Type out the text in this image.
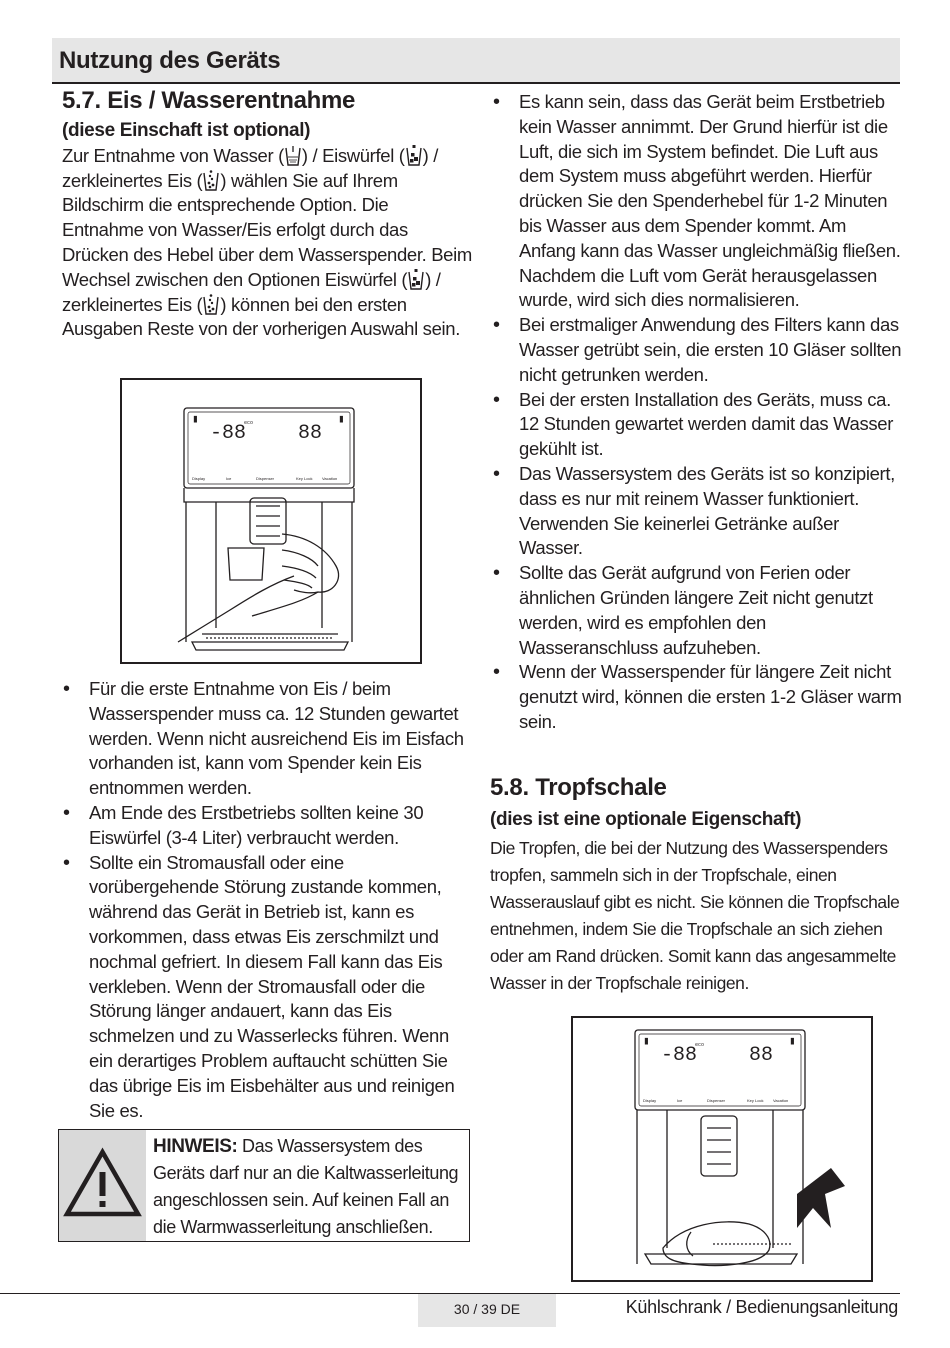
Nutzung des Geräts
5.7. Eis / Wasserentnahme
(diese Einschaft ist optional)

Zur Entnahme von Wasser ( ) / Eiswürfel ( ) / zerkleinertes Eis ( ) wählen Sie auf Ihrem Bildschirm die entsprechende Option. Die Entnahme von Wasser/Eis erfolgt durch das Drücken des Hebel über dem Wasserspender. Beim Wechsel zwischen den Optionen Eiswürfel ( ) / zerkleinertes Eis ( ) können bei den ersten Ausgaben Reste von der vorherigen Auswahl sein.

▮	▮
-88	88
eco
Display	Ice	Dispenser	Key Lock Vacation
• Für die erste Entnahme von Eis / beim Wasserspender muss ca. 12 Stunden gewartet werden. Wenn nicht ausreichend Eis im Eisfach vorhanden ist, kann vom Spender kein Eis entnommen werden.
• Am Ende des Erstbetriebs sollten keine 30 Eiswürfel (3-4 Liter) verbraucht werden.
• Sollte ein Stromausfall oder eine vorübergehende Störung zustande kommen, während das Gerät in Betrieb ist, kann es vorkommen, dass etwas Eis zerschmilzt und nochmal gefriert. In diesem Fall kann das Eis verkleben. Wenn der Stromausfall oder die Störung länger andauert, kann das Eis schmelzen und zu Wasserlecks führen. Wenn ein derartiges Problem auftaucht schütten Sie das übrige Eis im Eisbehälter aus und reinigen Sie es.
HINWEIS: Das Wassersystem des Geräts darf nur an die Kaltwasserleitung angeschlossen sein. Auf keinen Fall an die Warmwasserleitung anschließen.
• Es kann sein, dass das Gerät beim Erstbetrieb kein Wasser annimmt. Der Grund hierfür ist die Luft, die sich im System befindet. Die Luft aus dem System muss abgeführt werden. Hierfür drücken Sie den Spenderhebel für 1-2 Minuten bis Wasser aus dem Spender kommt. Am Anfang kann das Wasser ungleichmäßig fließen. Nachdem die Luft vom Gerät herausgelassen wurde, wird sich dies normalisieren.
• Bei erstmaliger Anwendung des Filters kann das Wasser getrübt sein, die ersten 10 Gläser sollten nicht getrunken werden.
• Bei der ersten Installation des Geräts, muss ca. 12 Stunden gewartet werden damit das Wasser gekühlt ist.
• Das Wassersystem des Geräts ist so konzipiert, dass es nur mit reinem Wasser funktioniert. Verwenden Sie keinerlei Getränke außer Wasser.
• Sollte das Gerät aufgrund von Ferien oder ähnlichen Gründen längere Zeit nicht genutzt werden, wird es empfohlen den Wasseranschluss aufzuheben.
• Wenn der Wasserspender für längere Zeit nicht genutzt wird, können die ersten 1-2 Gläser warm sein.
5.8. Tropfschale
(dies ist eine optionale Eigenschaft)

Die Tropfen, die bei der Nutzung des Wasserspenders tropfen, sammeln sich in der Tropfschale, einen Wasserauslauf gibt es nicht. Sie können die Tropfschale entnehmen, indem Sie die Tropfschale an sich ziehen oder am Rand drücken. Somit kann das angesammelte Wasser in der Tropfschale reinigen.

▮	▮
-88	88
eco
Display	Ice	Dispenser	Key Lock Vacation
30 / 39 DE	Kühlschrank / Bedienungsanleitung
